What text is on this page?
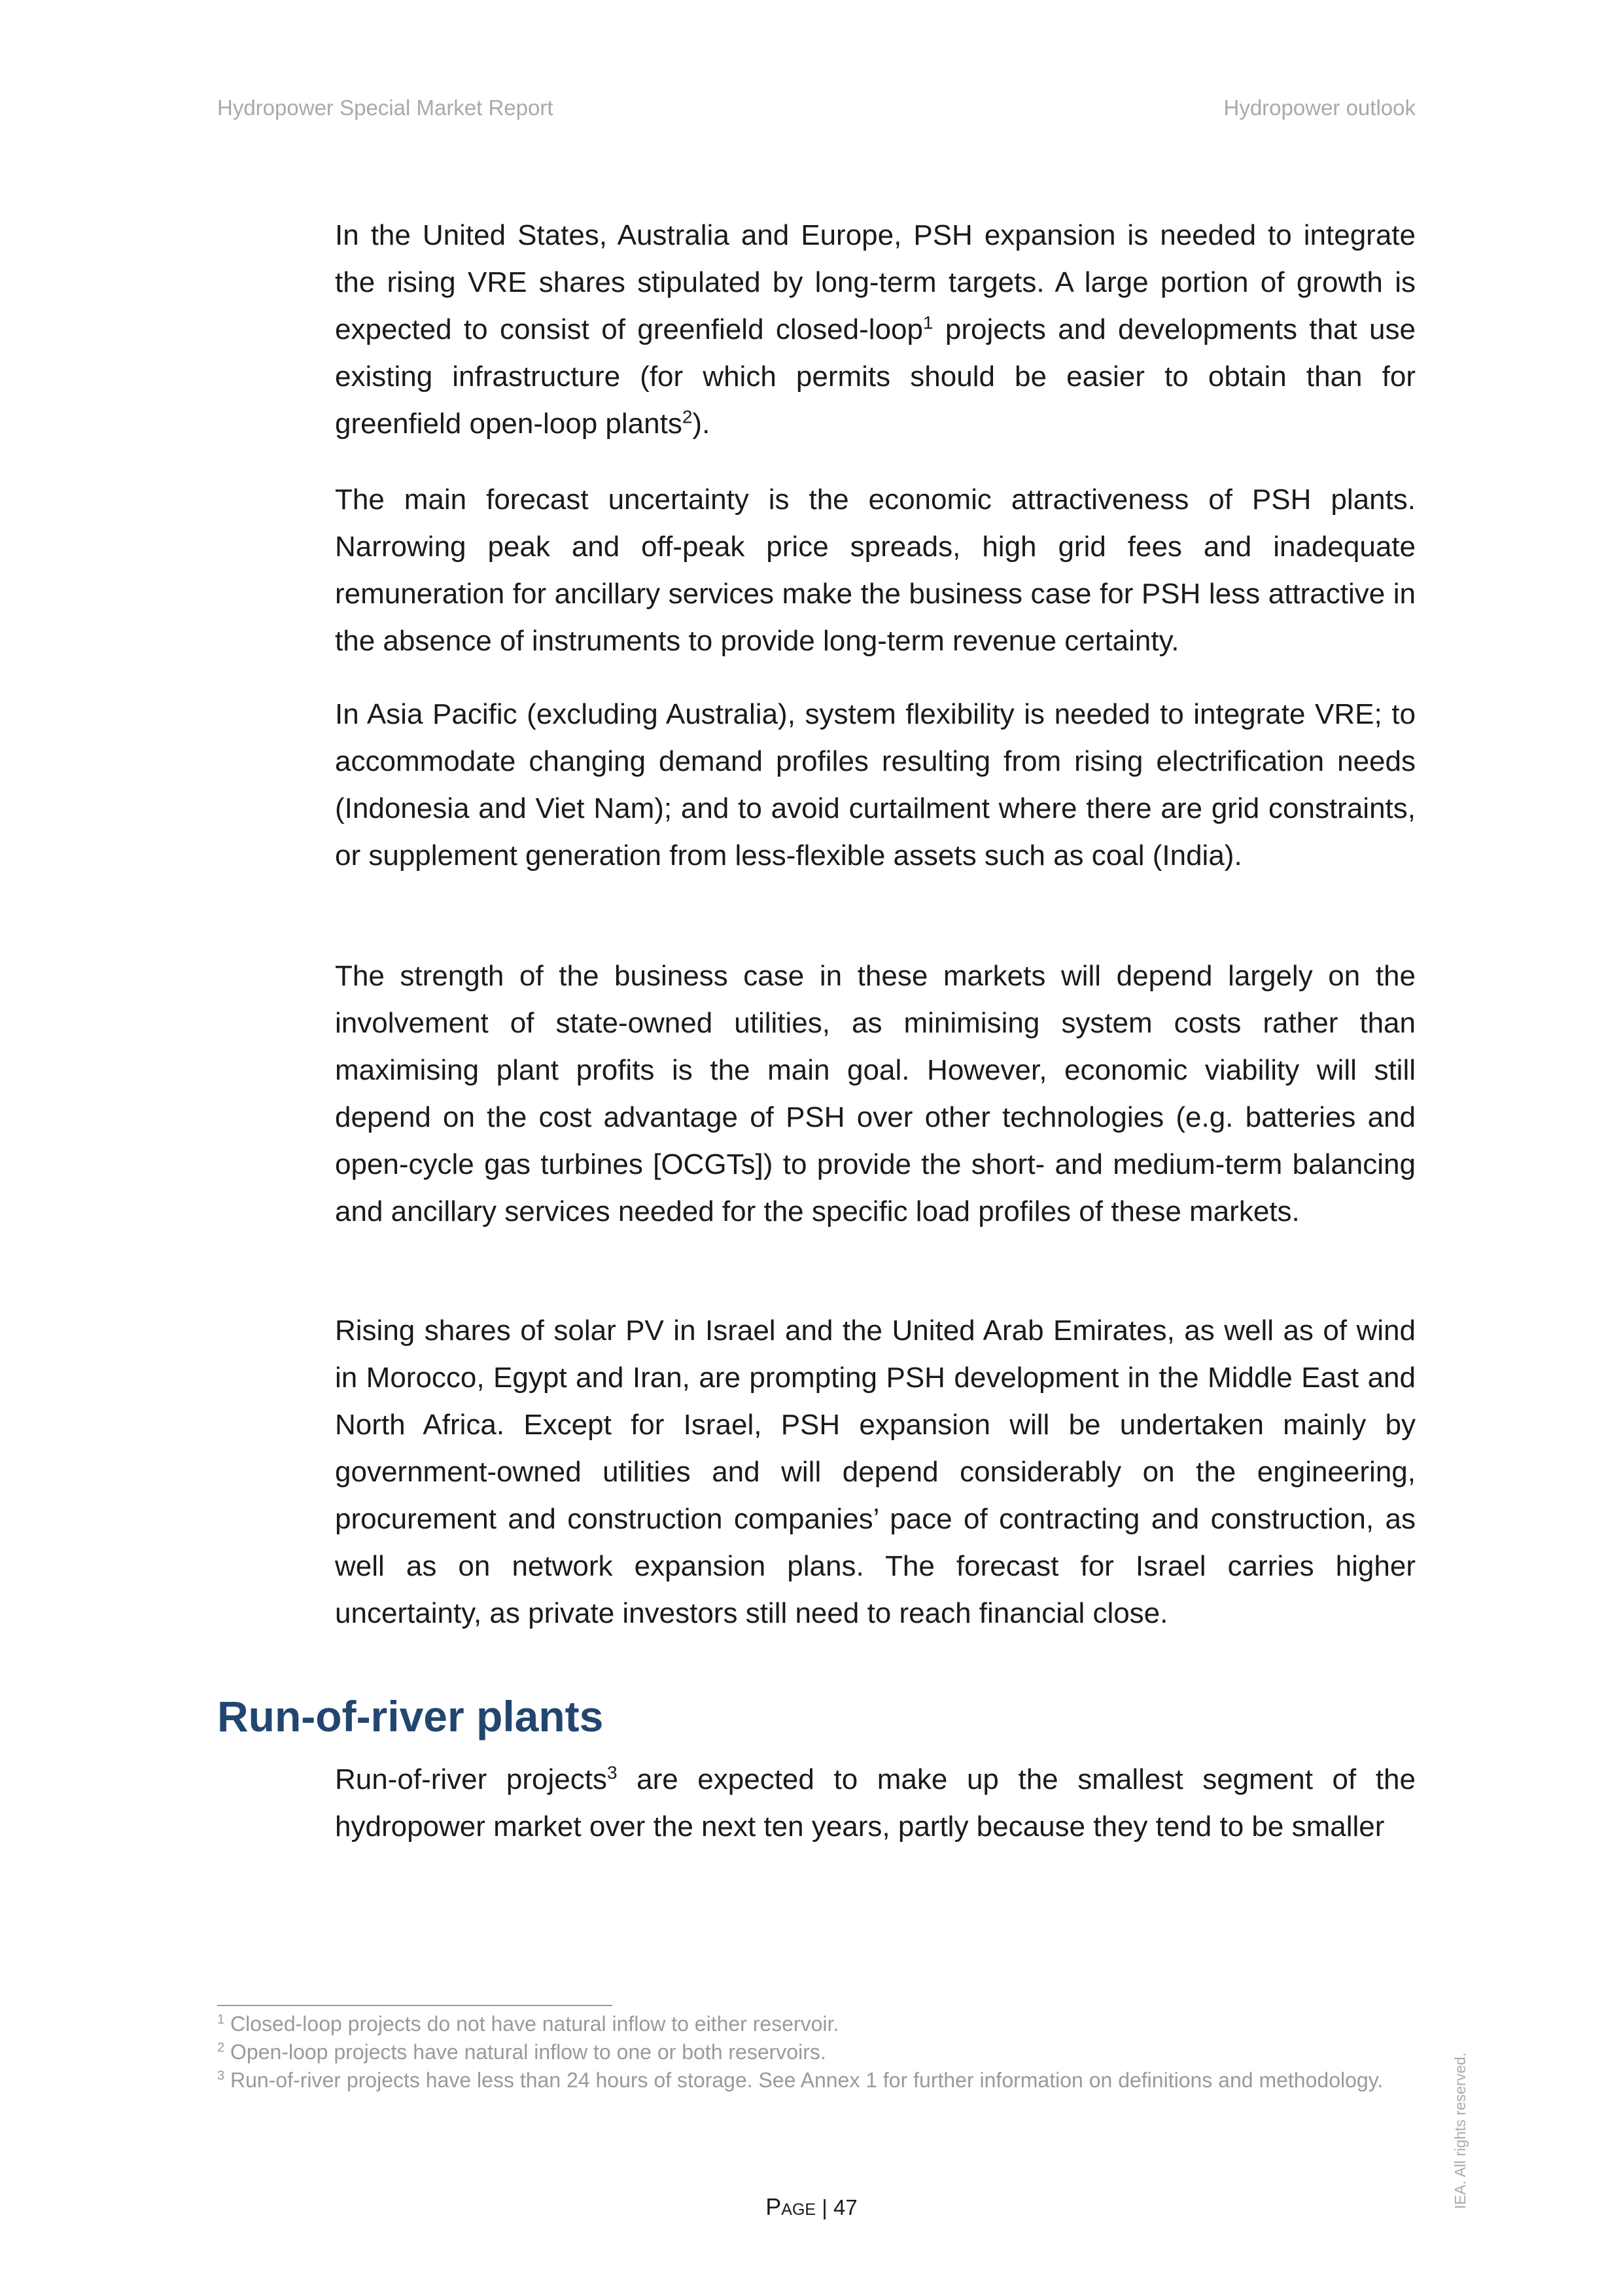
Hydropower Special Market Report	Hydropower outlook

In the United States, Australia and Europe, PSH expansion is needed to integrate the rising VRE shares stipulated by long-term targets. A large portion of growth is expected to consist of greenfield closed-loop$^1$ projects and developments that use existing infrastructure (for which permits should be easier to obtain than for greenfield open-loop plants$^2$).

The main forecast uncertainty is the economic attractiveness of PSH plants. Narrowing peak and off-peak price spreads, high grid fees and inadequate remuneration for ancillary services make the business case for PSH less attractive in the absence of instruments to provide long-term revenue certainty.

In Asia Pacific (excluding Australia), system flexibility is needed to integrate VRE; to accommodate changing demand profiles resulting from rising electrification needs (Indonesia and Viet Nam); and to avoid curtailment where there are grid constraints, or supplement generation from less-flexible assets such as coal (India).

The strength of the business case in these markets will depend largely on the involvement of state-owned utilities, as minimising system costs rather than maximising plant profits is the main goal. However, economic viability will still depend on the cost advantage of PSH over other technologies (e.g. batteries and open-cycle gas turbines [OCGTs]) to provide the short- and medium-term balancing and ancillary services needed for the specific load profiles of these markets.

Rising shares of solar PV in Israel and the United Arab Emirates, as well as of wind in Morocco, Egypt and Iran, are prompting PSH development in the Middle East and North Africa. Except for Israel, PSH expansion will be undertaken mainly by government-owned utilities and will depend considerably on the engineering, procurement and construction companies’ pace of contracting and construction, as well as on network expansion plans. The forecast for Israel carries higher uncertainty, as private investors still need to reach financial close.

Run-of-river plants

Run-of-river projects$^3$ are expected to make up the smallest segment of the hydropower market over the next ten years, partly because they tend to be smaller

$^1$ Closed-loop projects do not have natural inflow to either reservoir.
$^2$ Open-loop projects have natural inflow to one or both reservoirs.
$^3$ Run-of-river projects have less than 24 hours of storage. See Annex 1 for further information on definitions and methodology.
Page | 47	IEA. All rights reserved.
